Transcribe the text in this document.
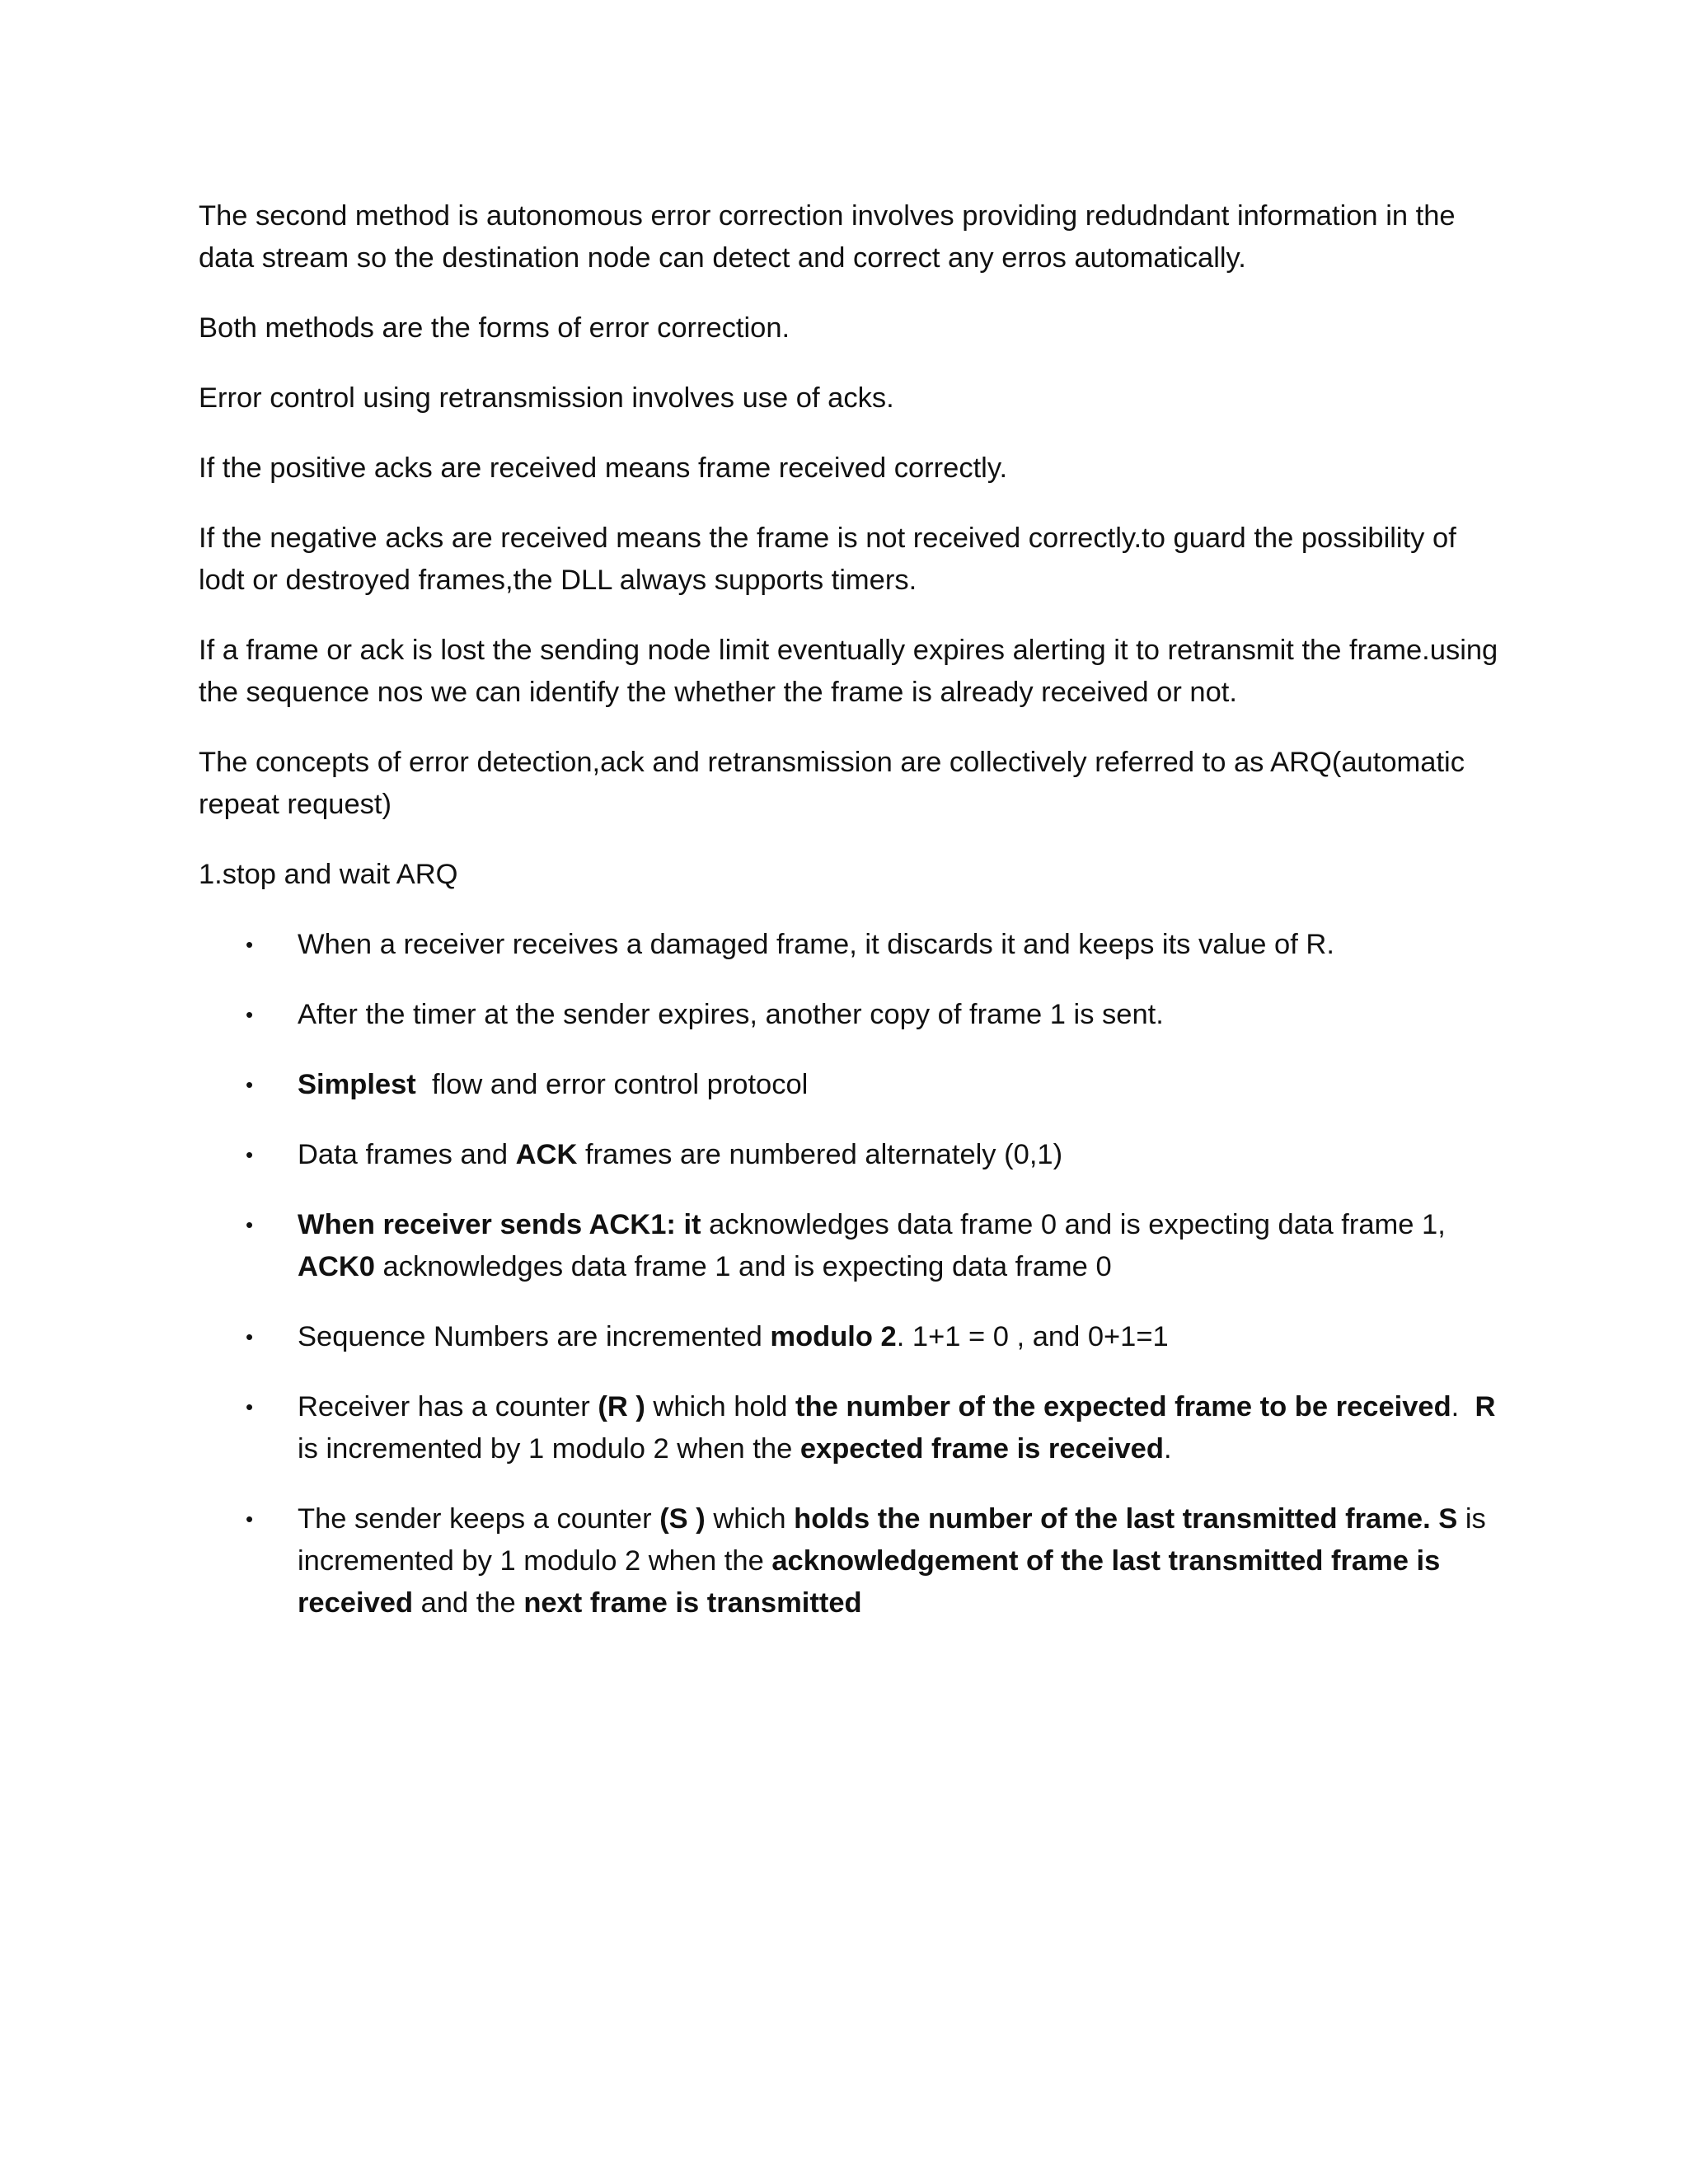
The second method is autonomous error correction involves providing redudndant information in the data stream so the destination node can detect and correct any erros automatically.

Both methods are the forms of error correction.

Error control using retransmission involves use of acks.

If the positive acks are received means frame received correctly.

If the negative acks are received means the frame is not received correctly.to guard the possibility of lodt or destroyed frames,the DLL always supports timers.

If a frame or ack is lost the sending node limit eventually expires alerting it to retransmit the frame.using the sequence nos we can identify the whether the frame is already received or not.

The concepts of error detection,ack and retransmission are collectively referred to as ARQ(automatic repeat request)

1.stop and wait ARQ

• When a receiver receives a damaged frame, it discards it and keeps its value of R.
• After the timer at the sender expires, another copy of frame 1 is sent.
• Simplest  flow and error control protocol
• Data frames and ACK frames are numbered alternately (0,1)
• When receiver sends ACK1: it acknowledges data frame 0 and is expecting data frame 1, ACK0 acknowledges data frame 1 and is expecting data frame 0
• Sequence Numbers are incremented modulo 2. 1+1 = 0 , and 0+1=1
• Receiver has a counter (R ) which hold the number of the expected frame to be received.  R is incremented by 1 modulo 2 when the expected frame is received.
• The sender keeps a counter (S ) which holds the number of the last transmitted frame. S is incremented by 1 modulo 2 when the acknowledgement of the last transmitted frame is received and the next frame is transmitted
